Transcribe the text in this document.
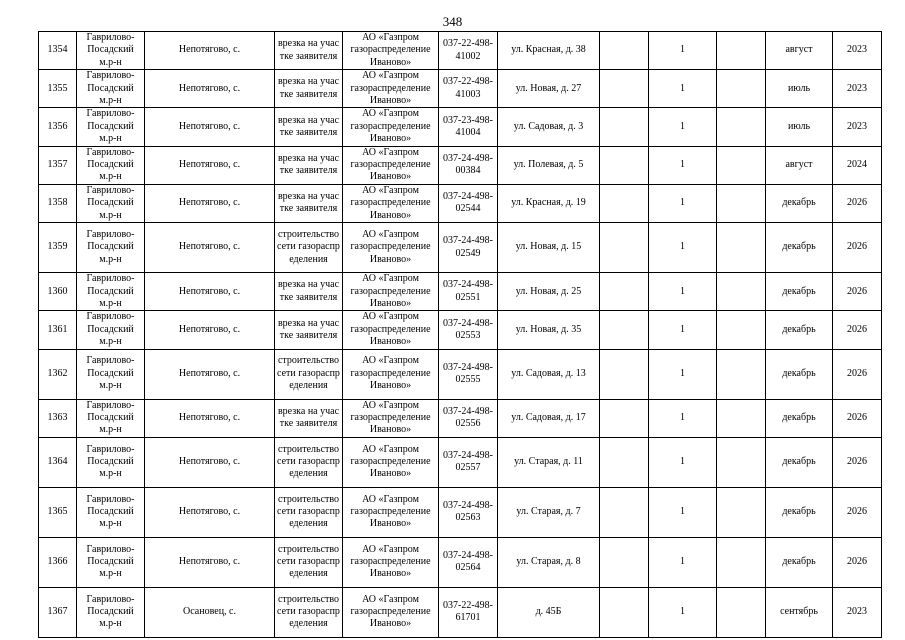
348
1354	Гаврилово-Посадский м.р-н	Непотягово, с.	врезка на участке заявителя	АО «Газпром газораспределение Иваново»	037-22-498-41002	ул. Красная, д. 38		1		август	2023
1355	Гаврилово-Посадский м.р-н	Непотягово, с.	врезка на участке заявителя	АО «Газпром газораспределение Иваново»	037-22-498-41003	ул. Новая, д. 27		1		июль	2023
1356	Гаврилово-Посадский м.р-н	Непотягово, с.	врезка на участке заявителя	АО «Газпром газораспределение Иваново»	037-23-498-41004	ул. Садовая, д. 3		1		июль	2023
1357	Гаврилово-Посадский м.р-н	Непотягово, с.	врезка на участке заявителя	АО «Газпром газораспределение Иваново»	037-24-498-00384	ул. Полевая, д. 5		1		август	2024
1358	Гаврилово-Посадский м.р-н	Непотягово, с.	врезка на участке заявителя	АО «Газпром газораспределение Иваново»	037-24-498-02544	ул. Красная, д. 19		1		декабрь	2026
1359	Гаврилово-Посадский м.р-н	Непотягово, с.	строительство сети газораспределения	АО «Газпром газораспределение Иваново»	037-24-498-02549	ул. Новая, д. 15		1		декабрь	2026
1360	Гаврилово-Посадский м.р-н	Непотягово, с.	врезка на участке заявителя	АО «Газпром газораспределение Иваново»	037-24-498-02551	ул. Новая, д. 25		1		декабрь	2026
1361	Гаврилово-Посадский м.р-н	Непотягово, с.	врезка на участке заявителя	АО «Газпром газораспределение Иваново»	037-24-498-02553	ул. Новая, д. 35		1		декабрь	2026
1362	Гаврилово-Посадский м.р-н	Непотягово, с.	строительство сети газораспределения	АО «Газпром газораспределение Иваново»	037-24-498-02555	ул. Садовая, д. 13		1		декабрь	2026
1363	Гаврилово-Посадский м.р-н	Непотягово, с.	врезка на участке заявителя	АО «Газпром газораспределение Иваново»	037-24-498-02556	ул. Садовая, д. 17		1		декабрь	2026
1364	Гаврилово-Посадский м.р-н	Непотягово, с.	строительство сети газораспределения	АО «Газпром газораспределение Иваново»	037-24-498-02557	ул. Старая, д. 11		1		декабрь	2026
1365	Гаврилово-Посадский м.р-н	Непотягово, с.	строительство сети газораспределения	АО «Газпром газораспределение Иваново»	037-24-498-02563	ул. Старая, д. 7		1		декабрь	2026
1366	Гаврилово-Посадский м.р-н	Непотягово, с.	строительство сети газораспределения	АО «Газпром газораспределение Иваново»	037-24-498-02564	ул. Старая, д. 8		1		декабрь	2026
1367	Гаврилово-Посадский м.р-н	Осановец, с.	строительство сети газораспределения	АО «Газпром газораспределение Иваново»	037-22-498-61701	д. 45Б		1		сентябрь	2023
